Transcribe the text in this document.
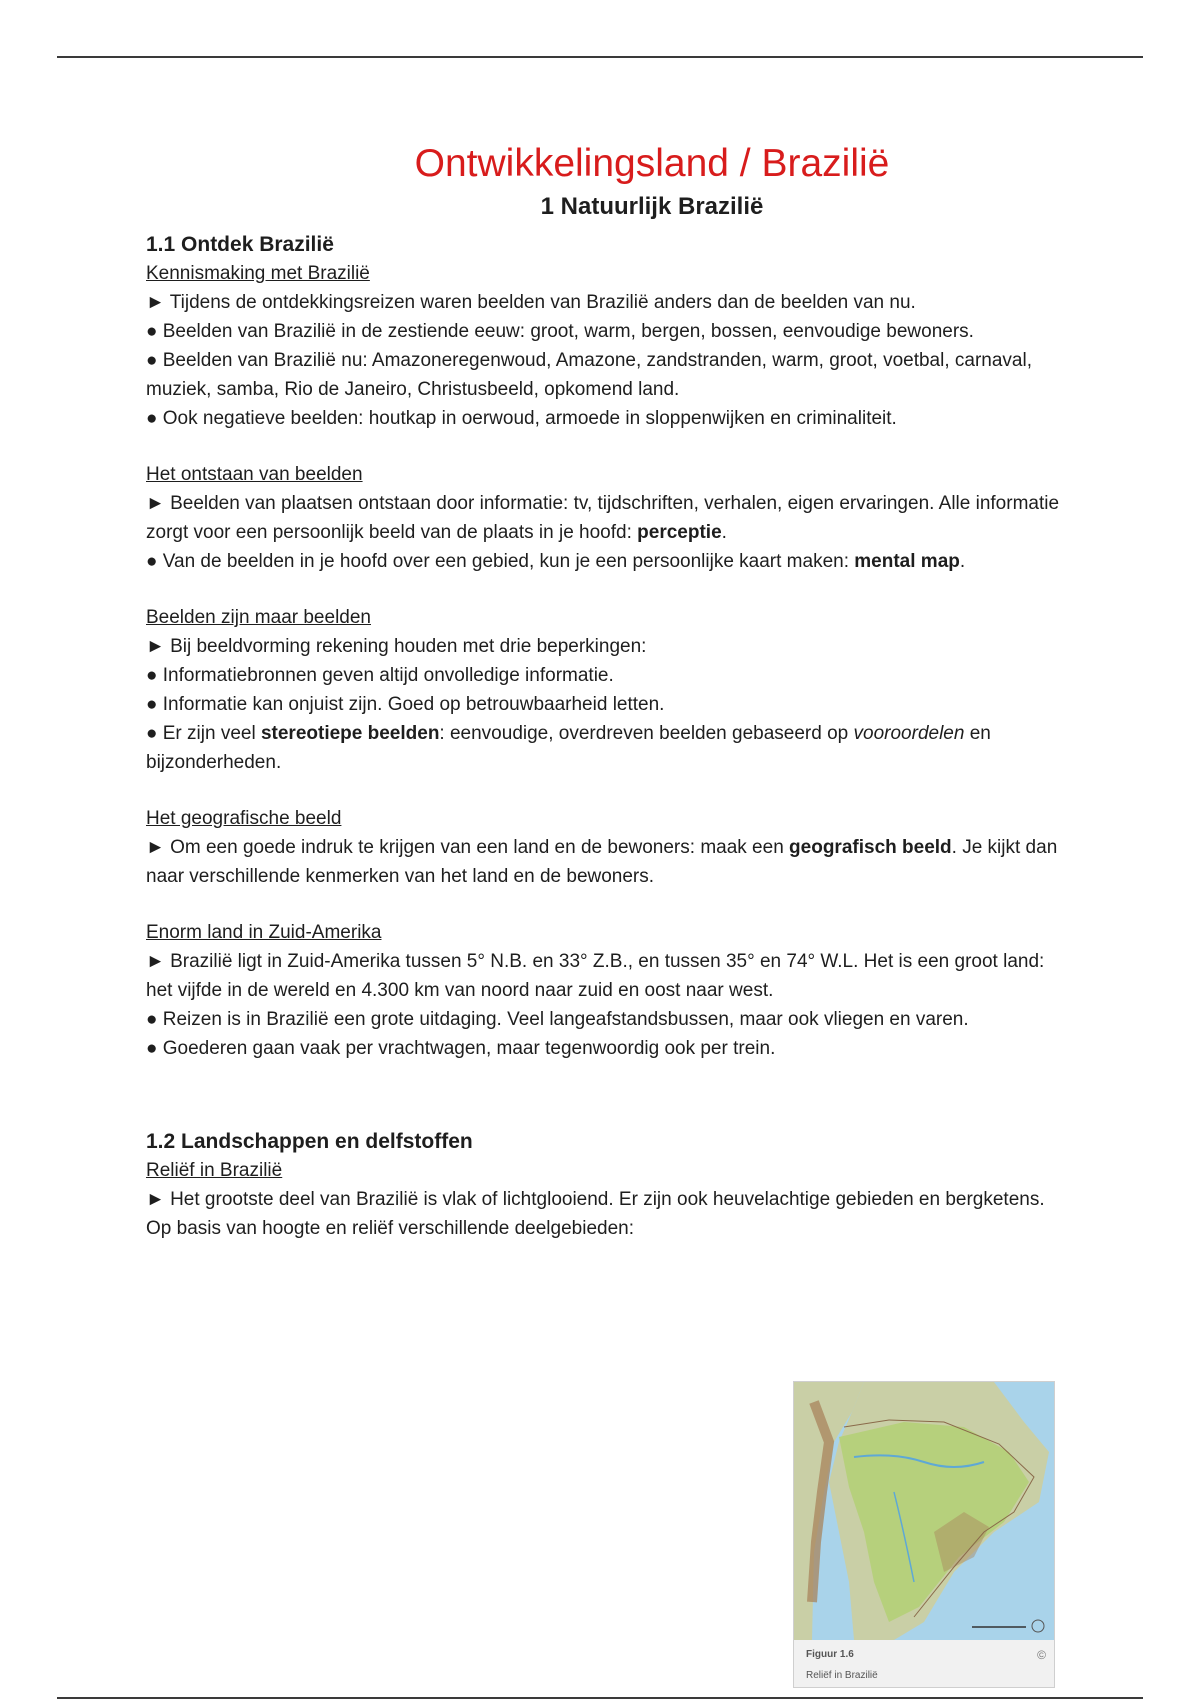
Ontwikkelingsland / Brazilië
1 Natuurlijk Brazilië
1.1 Ontdek Brazilië
Kennismaking met Brazilië

► Tijdens de ontdekkingsreizen waren beelden van Brazilië anders dan de beelden van nu.

● Beelden van Brazilië in de zestiende eeuw: groot, warm, bergen, bossen, eenvoudige bewoners.

● Beelden van Brazilië nu: Amazoneregenwoud, Amazone, zandstranden, warm, groot, voetbal, carnaval, muziek, samba, Rio de Janeiro, Christusbeeld, opkomend land.

● Ook negatieve beelden: houtkap in oerwoud, armoede in sloppenwijken en criminaliteit.

Het ontstaan van beelden

► Beelden van plaatsen ontstaan door informatie: tv, tijdschriften, verhalen, eigen ervaringen. Alle informatie zorgt voor een persoonlijk beeld van de plaats in je hoofd: perceptie.

● Van de beelden in je hoofd over een gebied, kun je een persoonlijke kaart maken: mental map.

Beelden zijn maar beelden

► Bij beeldvorming rekening houden met drie beperkingen:

● Informatiebronnen geven altijd onvolledige informatie.

● Informatie kan onjuist zijn. Goed op betrouwbaarheid letten.

● Er zijn veel stereotiepe beelden: eenvoudige, overdreven beelden gebaseerd op vooroordelen en bijzonderheden.

Het geografische beeld

► Om een goede indruk te krijgen van een land en de bewoners: maak een geografisch beeld. Je kijkt dan naar verschillende kenmerken van het land en de bewoners.

Enorm land in Zuid-Amerika

► Brazilië ligt in Zuid-Amerika tussen 5° N.B. en 33° Z.B., en tussen 35° en 74° W.L. Het is een groot land: het vijfde in de wereld en 4.300 km van noord naar zuid en oost naar west.

● Reizen is in Brazilië een grote uitdaging. Veel langeafstandsbussen, maar ook vliegen en varen.

● Goederen gaan vaak per vrachtwagen, maar tegenwoordig ook per trein.

1.2 Landschappen en delfstoffen
Reliëf in Brazilië

► Het grootste deel van Brazilië is vlak of lichtglooiend. Er zijn ook heuvelachtige gebieden en bergketens. Op basis van hoogte en reliëf verschillende deelgebieden:

Figuur 1.6
Reliëf in Brazilië
©
